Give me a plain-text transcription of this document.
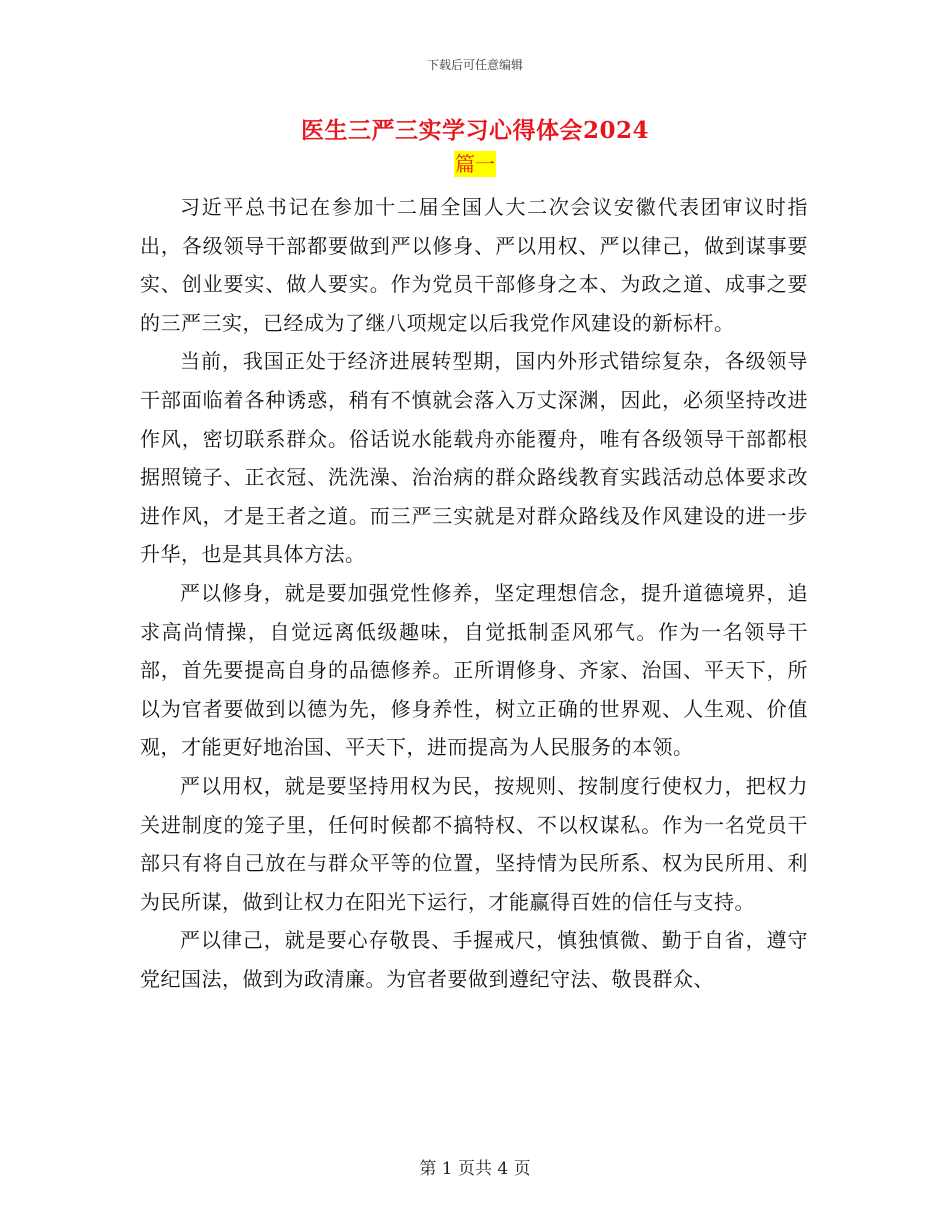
下载后可任意编辑
医生三严三实学习心得体会2024
篇一

习近平总书记在参加十二届全国人大二次会议安徽代表团审议时指出，各级领导干部都要做到严以修身、严以用权、严以律己，做到谋事要实、创业要实、做人要实。作为党员干部修身之本、为政之道、成事之要的三严三实，已经成为了继八项规定以后我党作风建设的新标杆。

当前，我国正处于经济进展转型期，国内外形式错综复杂，各级领导干部面临着各种诱惑，稍有不慎就会落入万丈深渊，因此，必须坚持改进作风，密切联系群众。俗话说水能载舟亦能覆舟，唯有各级领导干部都根据照镜子、正衣冠、洗洗澡、治治病的群众路线教育实践活动总体要求改进作风，才是王者之道。而三严三实就是对群众路线及作风建设的进一步升华，也是其具体方法。

严以修身，就是要加强党性修养，坚定理想信念，提升道德境界，追求高尚情操，自觉远离低级趣味，自觉抵制歪风邪气。作为一名领导干部，首先要提高自身的品德修养。正所谓修身、齐家、治国、平天下，所以为官者要做到以德为先，修身养性，树立正确的世界观、人生观、价值观，才能更好地治国、平天下，进而提高为人民服务的本领。

严以用权，就是要坚持用权为民，按规则、按制度行使权力，把权力关进制度的笼子里，任何时候都不搞特权、不以权谋私。作为一名党员干部只有将自己放在与群众平等的位置，坚持情为民所系、权为民所用、利为民所谋，做到让权力在阳光下运行，才能赢得百姓的信任与支持。

严以律己，就是要心存敬畏、手握戒尺，慎独慎微、勤于自省，遵守党纪国法，做到为政清廉。为官者要做到遵纪守法、敬畏群众、

第 1 页共 4 页
